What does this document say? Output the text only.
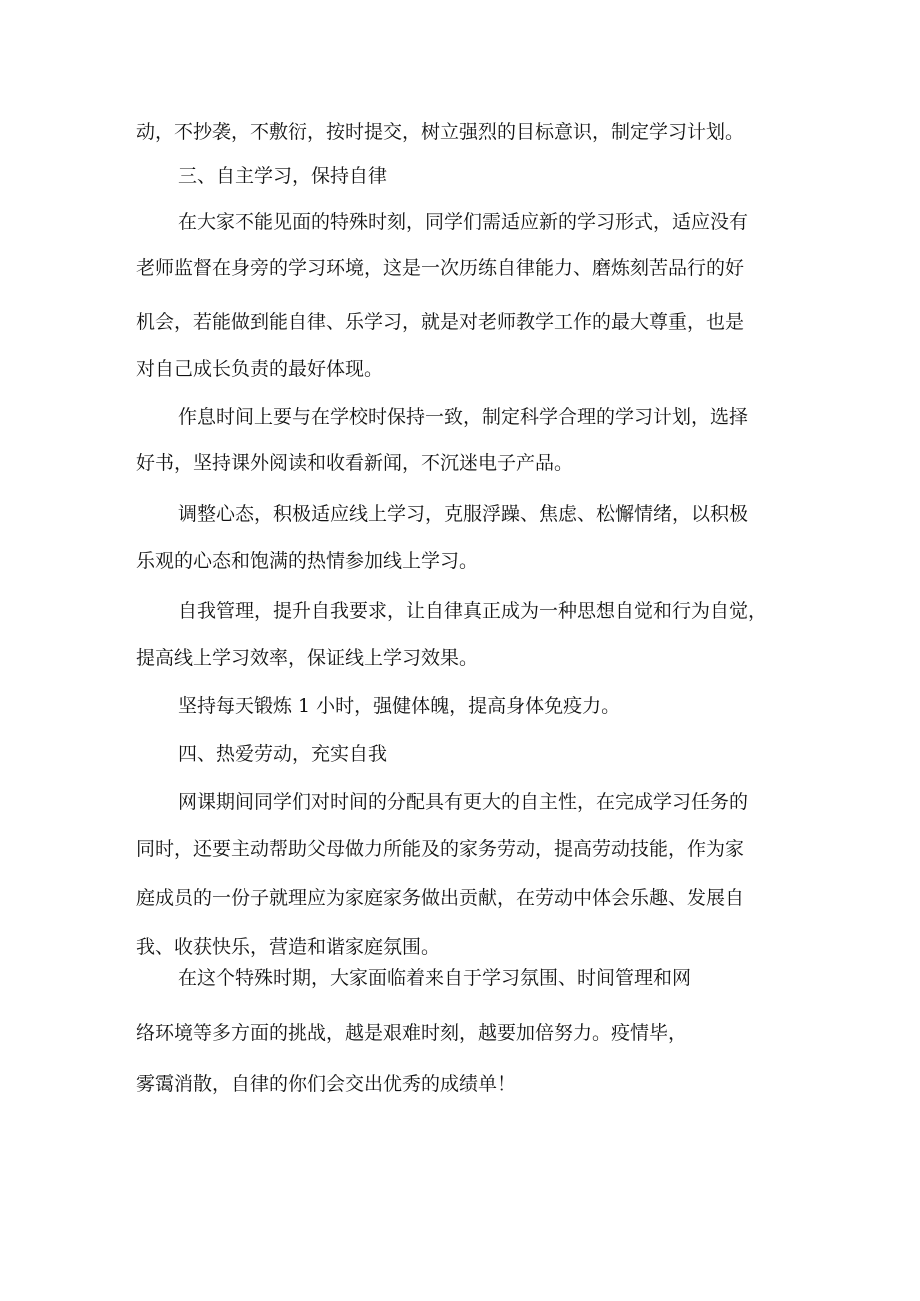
动，不抄袭，不敷衍，按时提交，树立强烈的目标意识，制定学习计划。
三、自主学习，保持自律
在大家不能见面的特殊时刻，同学们需适应新的学习形式，适应没有
老师监督在身旁的学习环境，这是一次历练自律能力、磨炼刻苦品行的好
机会，若能做到能自律、乐学习，就是对老师教学工作的最大尊重，也是
对自己成长负责的最好体现。
作息时间上要与在学校时保持一致，制定科学合理的学习计划，选择
好书，坚持课外阅读和收看新闻，不沉迷电子产品。
调整心态，积极适应线上学习，克服浮躁、焦虑、松懈情绪，以积极
乐观的心态和饱满的热情参加线上学习。
自我管理，提升自我要求，让自律真正成为一种思想自觉和行为自觉，
提高线上学习效率，保证线上学习效果。
坚持每天锻炼 1 小时，强健体魄，提高身体免疫力。
四、热爱劳动，充实自我
网课期间同学们对时间的分配具有更大的自主性，在完成学习任务的
同时，还要主动帮助父母做力所能及的家务劳动，提高劳动技能，作为家
庭成员的一份子就理应为家庭家务做出贡献，在劳动中体会乐趣、发展自
我、收获快乐，营造和谐家庭氛围。
在这个特殊时期，大家面临着来自于学习氛围、时间管理和网
络环境等多方面的挑战，越是艰难时刻，越要加倍努力。疫情毕，
雾霭消散，自律的你们会交出优秀的成绩单！
